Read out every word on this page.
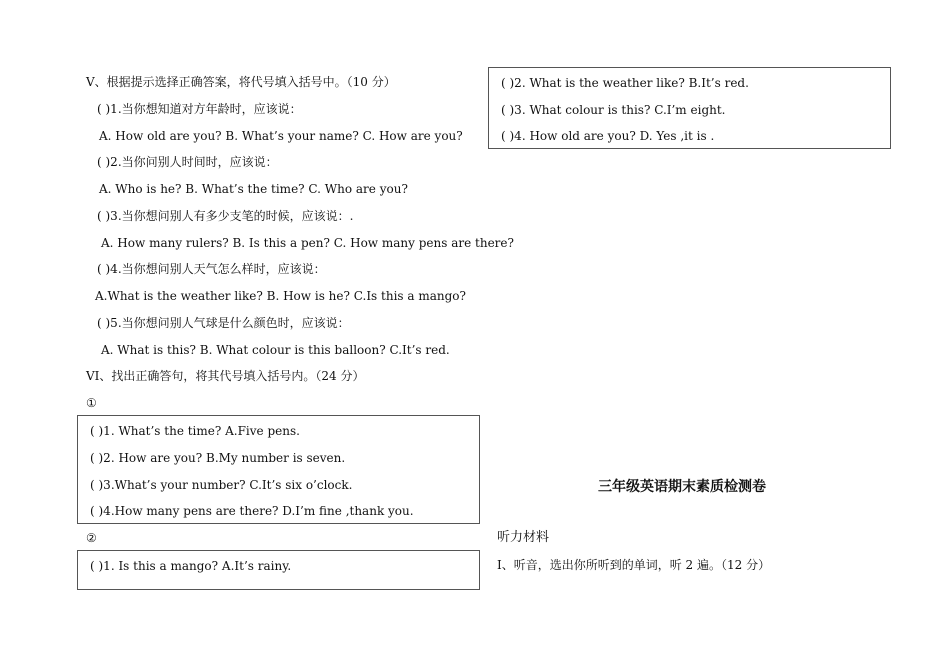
V、根据提示选择正确答案，将代号填入括号中。（10 分）
( )1.当你想知道对方年龄时，应该说：
A. How old are you? B. What’s your name? C. How are you?
( )2.当你问别人时间时，应该说：
A. Who is he? B. What’s the time? C. Who are you?
( )3.当你想问别人有多少支笔的时候，应该说：.
A. How many rulers? B. Is this a pen? C. How many pens are there?
( )4.当你想问别人天气怎么样时，应该说：
A.What is the weather like? B. How is he? C.Is this a mango?
( )5.当你想问别人气球是什么颜色时，应该说：
A. What is this? B. What colour is this balloon? C.It’s red.
VI、找出正确答句，将其代号填入括号内。（24 分）
①
( )1. What’s the time? A.Five pens.
( )2. How are you? B.My number is seven.
( )3.What’s your number? C.It’s six o’clock.
( )4.How many pens are there? D.I’m fine ,thank you.
②
( )1. Is this a mango? A.It’s rainy.
( )2. What is the weather like? B.It’s red.
( )3. What colour is this? C.I’m eight.
( )4. How old are you? D. Yes ,it is .
三年级英语期末素质检测卷
听力材料
I、听音，选出你所听到的单词，听 2 遍。（12 分）
